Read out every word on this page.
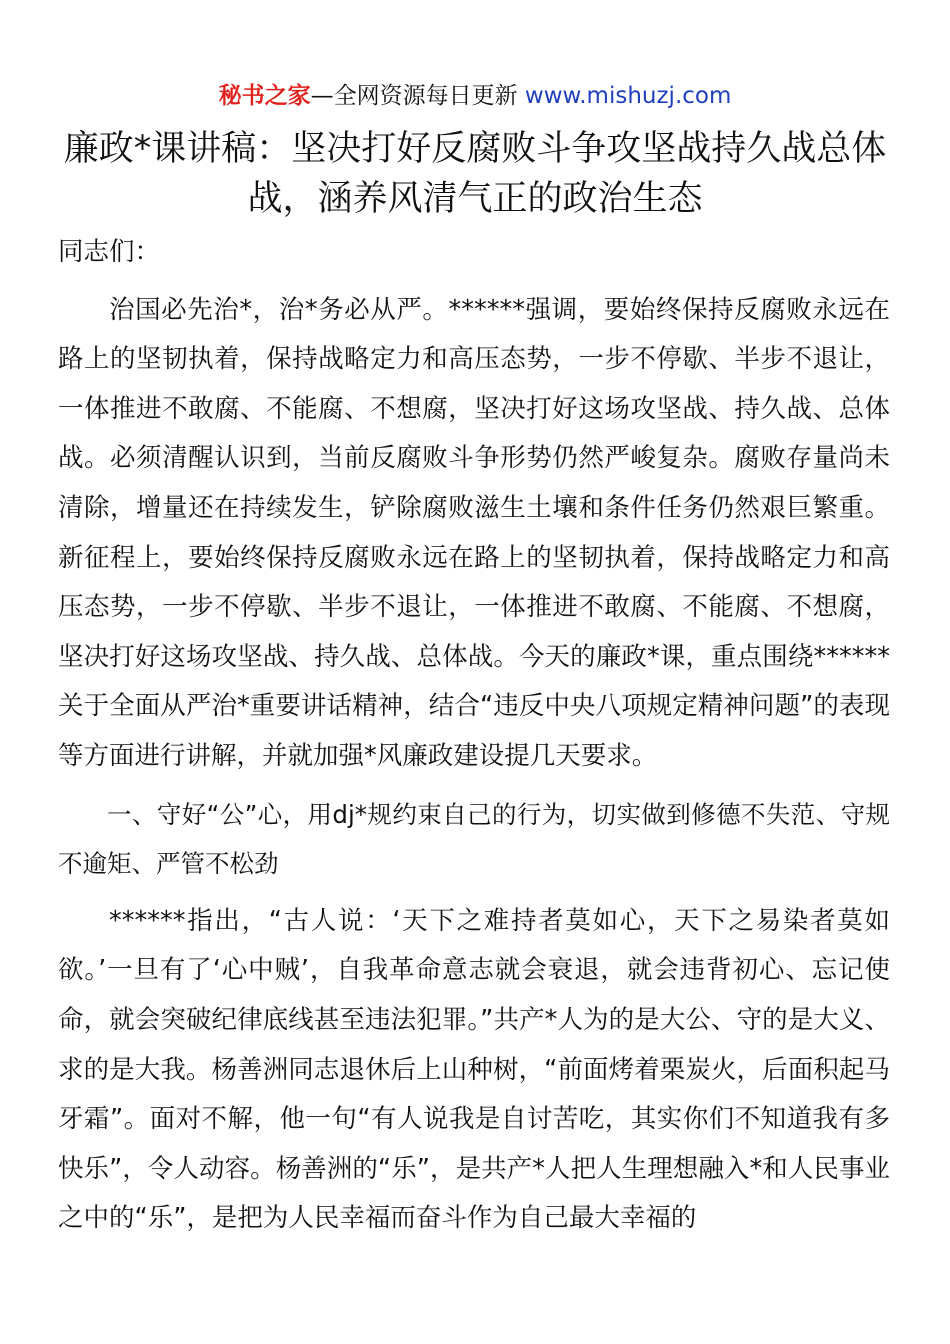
秘书之家—全网资源每日更新 www.mishuzj.com
廉政*课讲稿：坚决打好反腐败斗争攻坚战持久战总体战，涵养风清气正的政治生态

同志们：

治国必先治*，治*务必从严。******强调，要始终保持反腐败永远在路上的坚韧执着，保持战略定力和高压态势，一步不停歇、半步不退让，一体推进不敢腐、不能腐、不想腐，坚决打好这场攻坚战、持久战、总体战。必须清醒认识到，当前反腐败斗争形势仍然严峻复杂。腐败存量尚未清除，增量还在持续发生，铲除腐败滋生土壤和条件任务仍然艰巨繁重。新征程上，要始终保持反腐败永远在路上的坚韧执着，保持战略定力和高压态势，一步不停歇、半步不退让，一体推进不敢腐、不能腐、不想腐，坚决打好这场攻坚战、持久战、总体战。今天的廉政*课，重点围绕******关于全面从严治*重要讲话精神，结合“违反中央八项规定精神问题”的表现等方面进行讲解，并就加强*风廉政建设提几天要求。

一、守好“公”心，用dj*规约束自己的行为，切实做到修德不失范、守规不逾矩、严管不松劲

******指出，“古人说：‘天下之难持者莫如心，天下之易染者莫如欲。’一旦有了‘心中贼’，自我革命意志就会衰退，就会违背初心、忘记使命，就会突破纪律底线甚至违法犯罪。”共产*人为的是大公、守的是大义、求的是大我。杨善洲同志退休后上山种树，“前面烤着栗炭火，后面积起马牙霜”。面对不解，他一句“有人说我是自讨苦吃，其实你们不知道我有多快乐”，令人动容。杨善洲的“乐”，是共产*人把人生理想融入*和人民事业之中的“乐”，是把为人民幸福而奋斗作为自己最大幸福的
